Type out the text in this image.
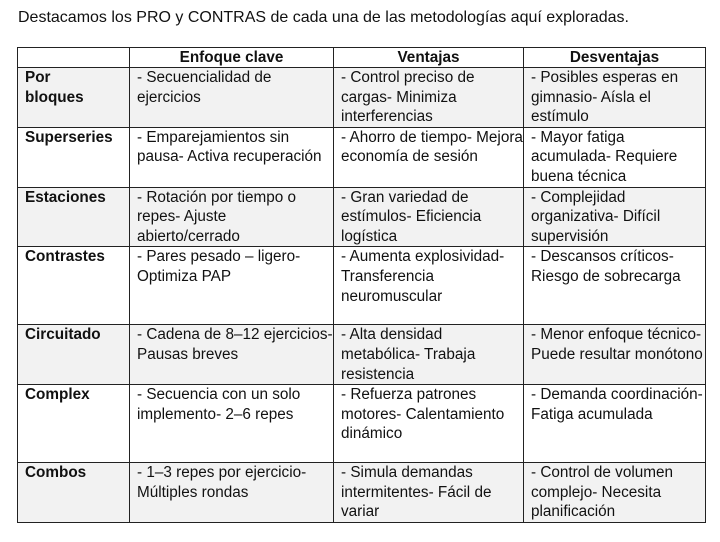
Destacamos los PRO y CONTRAS de cada una de las metodologías aquí exploradas.
	Enfoque clave	Ventajas	Desventajas

Por bloques	- Secuencialidad de ejercicios	- Control preciso de cargas- Minimiza interferencias	- Posibles esperas en gimnasio- Aísla el estímulo
Superseries	- Emparejamientos sin pausa- Activa recuperación	- Ahorro de tiempo- Mejora economía de sesión	- Mayor fatiga acumulada- Requiere buena técnica
Estaciones	- Rotación por tiempo o repes- Ajuste abierto/cerrado	- Gran variedad de estímulos- Eficiencia logística	- Complejidad organizativa- Difícil supervisión
Contrastes	- Pares pesado – ligero- Optimiza PAP	- Aumenta explosividad- Transferencia neuromuscular	- Descansos críticos- Riesgo de sobrecarga
Circuitado	- Cadena de 8–12 ejercicios- Pausas breves	- Alta densidad metabólica- Trabaja resistencia	- Menor enfoque técnico- Puede resultar monótono
Complex	- Secuencia con un solo implemento- 2–6 repes	- Refuerza patrones motores- Calentamiento dinámico	- Demanda coordinación- Fatiga acumulada
Combos	- 1–3 repes por ejercicio- Múltiples rondas	- Simula demandas intermitentes- Fácil de variar	- Control de volumen complejo- Necesita planificación
